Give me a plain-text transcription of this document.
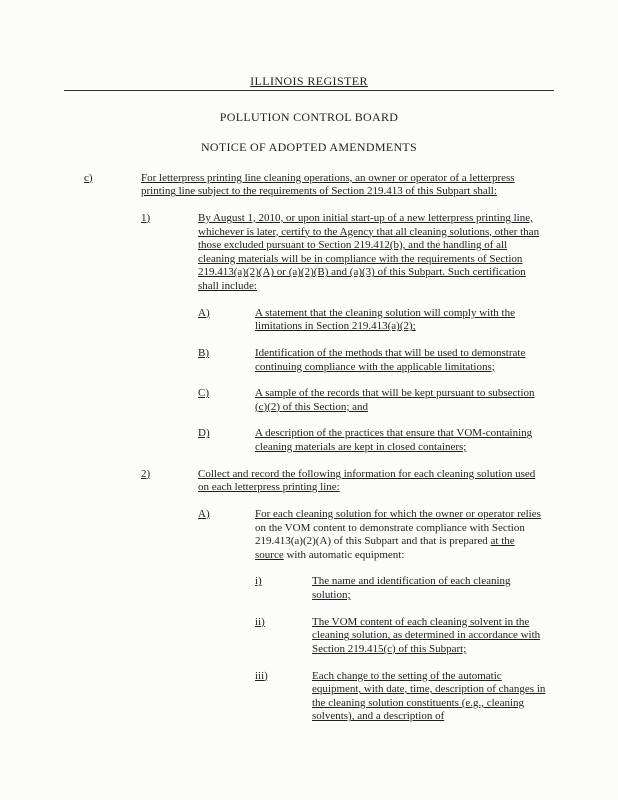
ILLINOIS REGISTER
POLLUTION CONTROL BOARD
NOTICE OF ADOPTED AMENDMENTS
c)	For letterpress printing line cleaning operations, an owner or operator of a letterpress printing line subject to the requirements of Section 219.413 of this Subpart shall:
1)	By August 1, 2010, or upon initial start-up of a new letterpress printing line, whichever is later, certify to the Agency that all cleaning solutions, other than those excluded pursuant to Section 219.412(b), and the handling of all cleaning materials will be in compliance with the requirements of Section 219.413(a)(2)(A) or (a)(2)(B) and (a)(3) of this Subpart. Such certification shall include:
A)	A statement that the cleaning solution will comply with the limitations in Section 219.413(a)(2);
B)	Identification of the methods that will be used to demonstrate continuing compliance with the applicable limitations;
C)	A sample of the records that will be kept pursuant to subsection (c)(2) of this Section; and
D)	A description of the practices that ensure that VOM-containing cleaning materials are kept in closed containers;
2)	Collect and record the following information for each cleaning solution used on each letterpress printing line:
A)	For each cleaning solution for which the owner or operator relies on the VOM content to demonstrate compliance with Section 219.413(a)(2)(A) of this Subpart and that is prepared at the source with automatic equipment:
i)	The name and identification of each cleaning solution;
ii)	The VOM content of each cleaning solvent in the cleaning solution, as determined in accordance with Section 219.415(c) of this Subpart;
iii)	Each change to the setting of the automatic equipment, with date, time, description of changes in the cleaning solution constituents (e.g., cleaning solvents), and a description of
